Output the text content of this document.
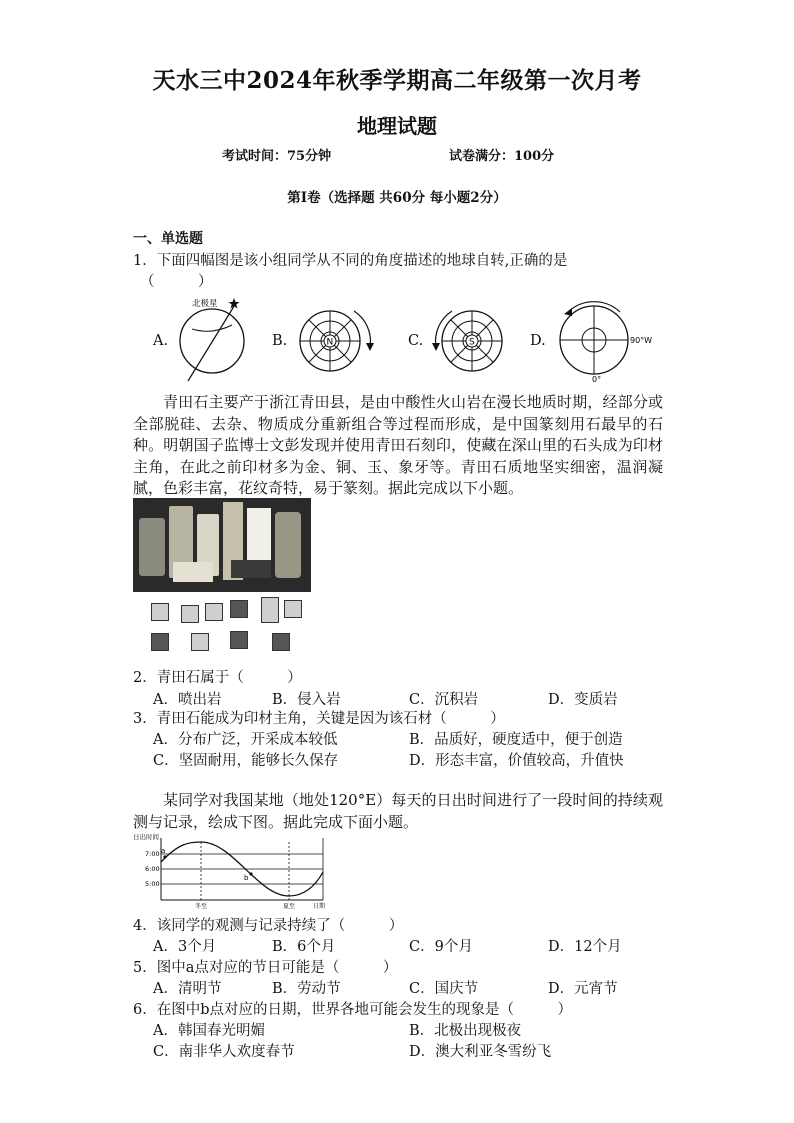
天水三中2024年秋季学期高二年级第一次月考
地理试题
考试时间：75分钟	试卷满分：100分
第Ⅰ卷（选择题 共60分 每小题2分）
一、单选题
1．下面四幅图是该小组同学从不同的角度描述的地球自转,正确的是
（　　　）
A.	B.	C.	D.
北极星
N	S	90°W
0°
青田石主要产于浙江青田县，是由中酸性火山岩在漫长地质时期，经部分或全部脱硅、去杂、物质成分重新组合等过程而形成，是中国篆刻用石最早的石种。明朝国子监博士文彭发现并使用青田石刻印，使藏在深山里的石头成为印材主角，在此之前印材多为金、铜、玉、象牙等。青田石质地坚实细密，温润凝腻，色彩丰富，花纹奇特，易于篆刻。据此完成以下小题。
2．青田石属于（　　　）
A．喷出岩	B．侵入岩	C．沉积岩	D．变质岩
3．青田石能成为印材主角，关键是因为该石材（　　　）
A．分布广泛，开采成本较低	B．品质好，硬度适中，便于创造
C．坚固耐用，能够长久保存	D．形态丰富，价值较高，升值快
某同学对我国某地（地处120°E）每天的日出时间进行了一段时间的持续观测与记录，绘成下图。据此完成下面小题。
日出时间
7:00
6:00
5:00
a
b
冬至	夏至	日期
4．该同学的观测与记录持续了（　　　）
A．3个月	B．6个月	C．9个月	D．12个月
5．图中a点对应的节日可能是（　　　）
A．清明节	B．劳动节	C．国庆节	D．元宵节
6．在图中b点对应的日期，世界各地可能会发生的现象是（　　　）
A．韩国春光明媚	B．北极出现极夜
C．南非华人欢度春节	D．澳大利亚冬雪纷飞
